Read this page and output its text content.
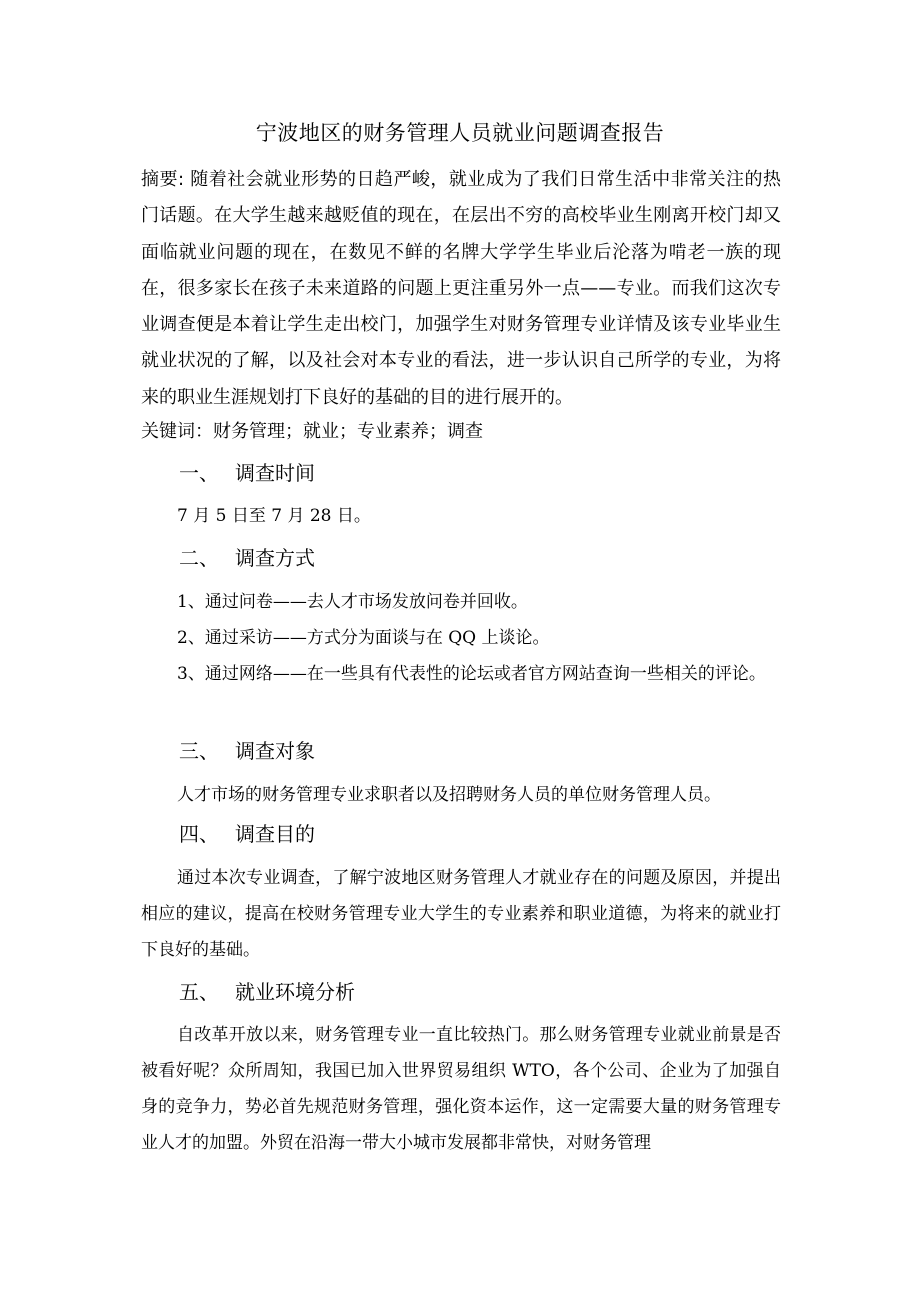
宁波地区的财务管理人员就业问题调查报告
摘要: 随着社会就业形势的日趋严峻，就业成为了我们日常生活中非常关注的热门话题。在大学生越来越贬值的现在，在层出不穷的高校毕业生刚离开校门却又面临就业问题的现在，在数见不鲜的名牌大学学生毕业后沦落为啃老一族的现在，很多家长在孩子未来道路的问题上更注重另外一点——专业。而我们这次专业调查便是本着让学生走出校门，加强学生对财务管理专业详情及该专业毕业生就业状况的了解，以及社会对本专业的看法，进一步认识自己所学的专业，为将来的职业生涯规划打下良好的基础的目的进行展开的。
关键词：财务管理；就业；专业素养；调查
一、 调查时间
7 月 5 日至 7 月 28 日。
二、 调查方式
1、通过问卷——去人才市场发放问卷并回收。
2、通过采访——方式分为面谈与在 QQ 上谈论。
3、通过网络——在一些具有代表性的论坛或者官方网站查询一些相关的评论。
三、 调查对象
人才市场的财务管理专业求职者以及招聘财务人员的单位财务管理人员。
四、 调查目的
通过本次专业调查，了解宁波地区财务管理人才就业存在的问题及原因，并提出相应的建议，提高在校财务管理专业大学生的专业素养和职业道德，为将来的就业打下良好的基础。
五、 就业环境分析
自改革开放以来，财务管理专业一直比较热门。那么财务管理专业就业前景是否被看好呢？众所周知，我国已加入世界贸易组织 WTO，各个公司、企业为了加强自身的竞争力，势必首先规范财务管理，强化资本运作，这一定需要大量的财务管理专业人才的加盟。外贸在沿海一带大小城市发展都非常快，对财务管理
